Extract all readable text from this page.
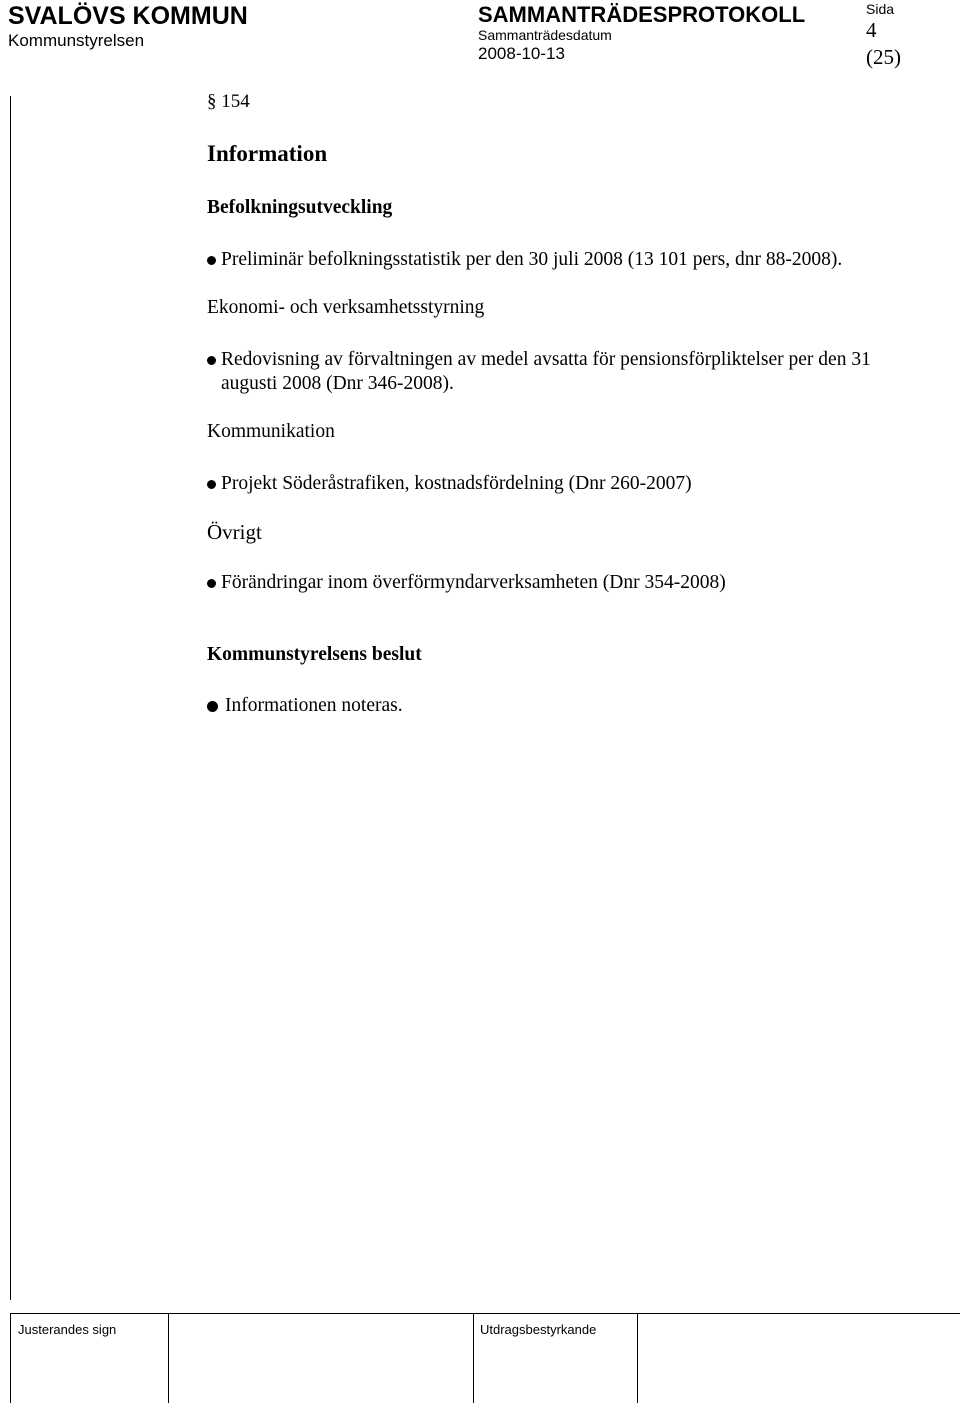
SVALÖVS KOMMUN
Kommunstyrelsen
SAMMANTRÄDESPROTOKOLL
Sammanträdesdatum
2008-10-13
Sida
4
(25)
§ 154
Information
Befolkningsutveckling
Preliminär befolkningsstatistik per den 30 juli 2008 (13 101 pers, dnr 88-2008).
Ekonomi- och verksamhetsstyrning
Redovisning av förvaltningen av medel avsatta för pensionsförpliktelser per den 31 augusti 2008 (Dnr 346-2008).
Kommunikation
Projekt Söderåstrafiken, kostnadsfördelning (Dnr 260-2007)
Övrigt
Förändringar inom överförmyndarverksamheten (Dnr 354-2008)
Kommunstyrelsens beslut
Informationen noteras.
Justerandes sign	Utdragsbestyrkande
